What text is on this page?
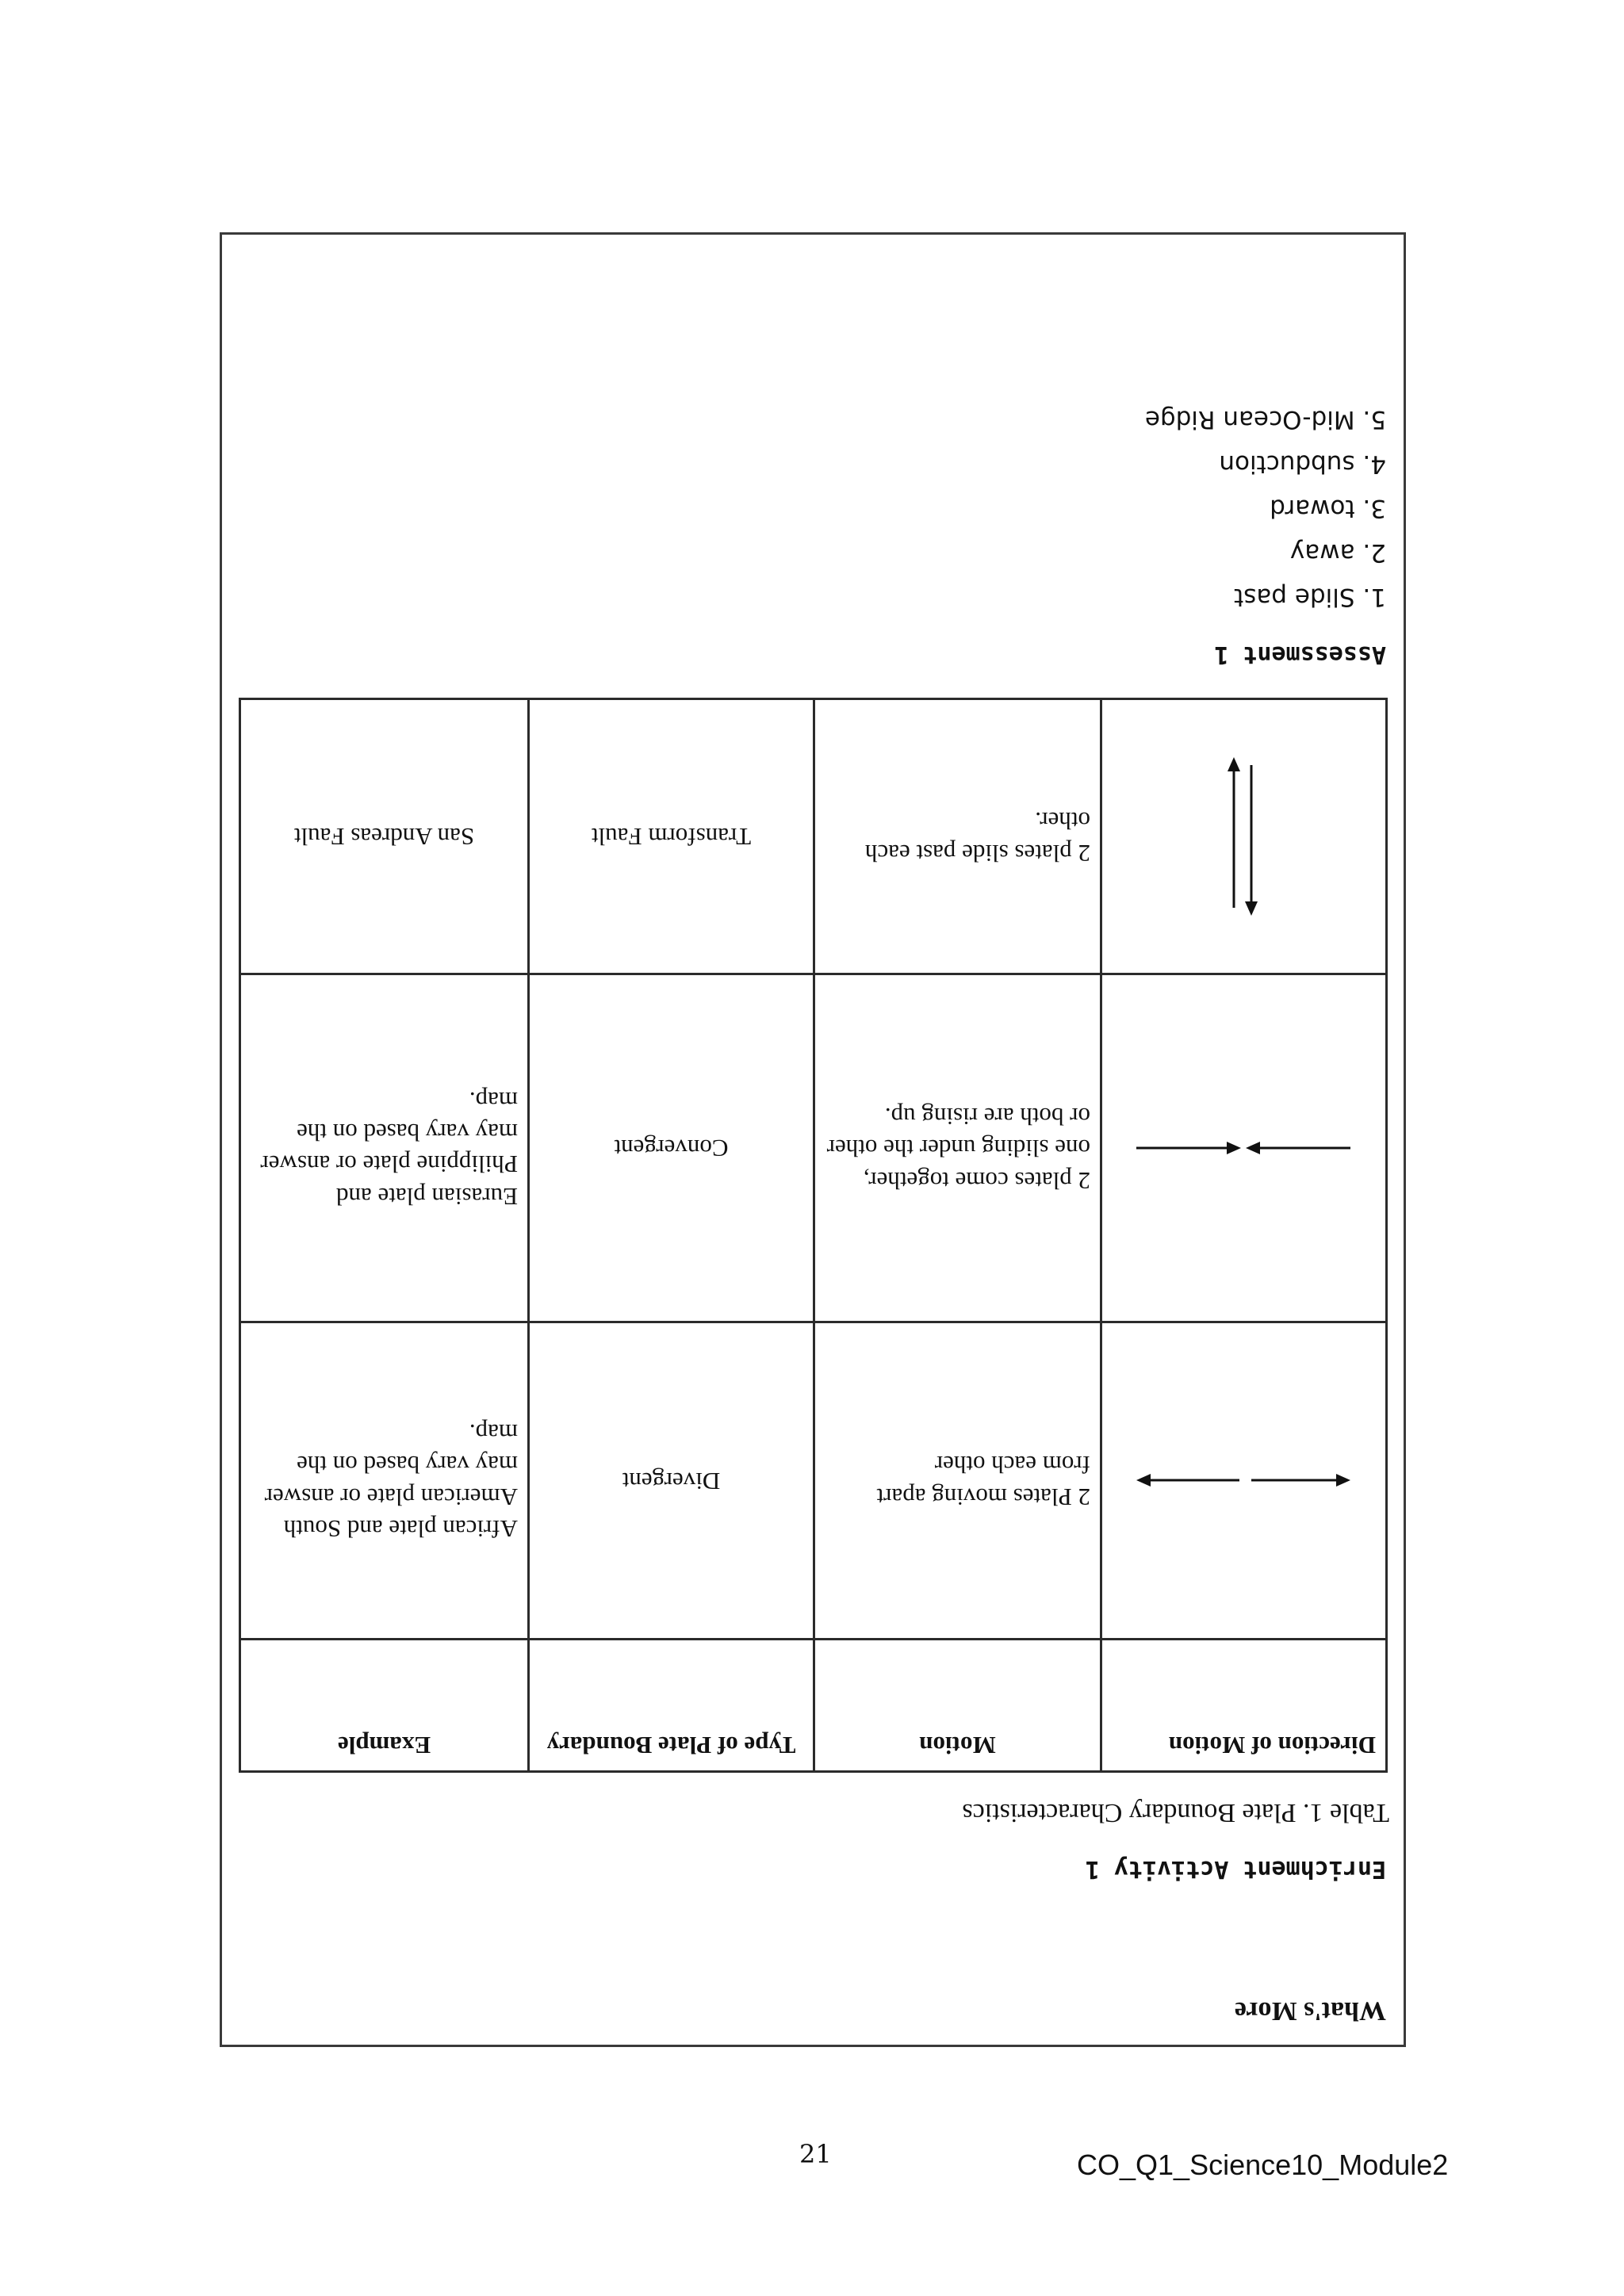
What's More
Enrichment Activity 1

Table 1. Plate Boundary Characteristics

Direction of Motion	Motion	Type of Plate Boundary	Example

	2 Plates moving apart from each other	Divergent	African plate and South American plate or answer may vary based on the map.

	2 plates come together, one sliding under the other or both are rising up.	Convergent	Eurasian plate and Philippine plate or answer may vary based on the map.

	2 plates slide past each other.	Transform Fault	San Andreas Fault
Assessment 1
1. Slide past
2. away
3. toward
4. subduction
5. Mid-Ocean Ridge
21	CO_Q1_Science10_Module2
